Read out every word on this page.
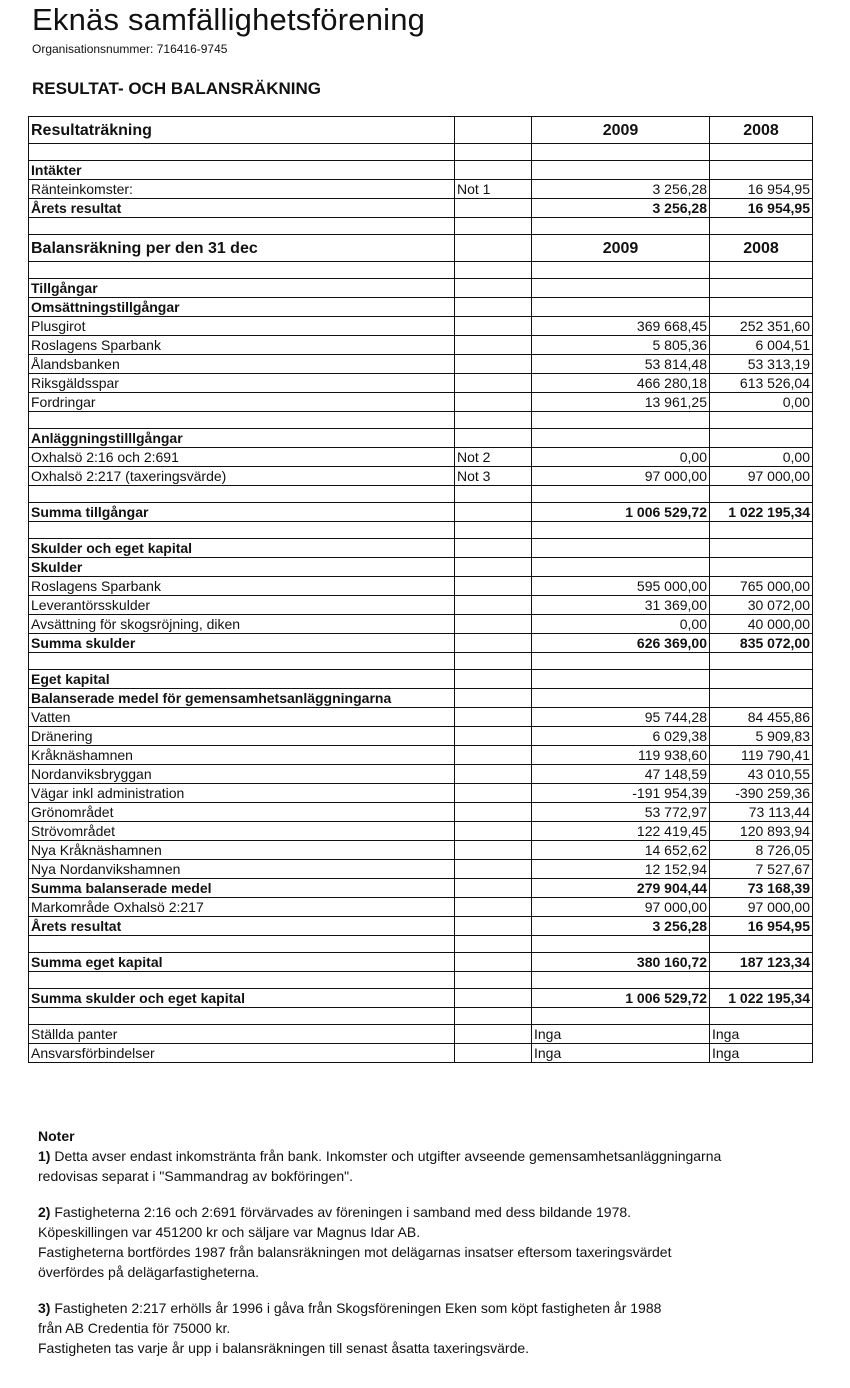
Eknäs samfällighetsförening
Organisationsnummer: 716416-9745
RESULTAT- OCH BALANSRÄKNING
Resultaträkning		2009	2008

Intäkter			
Ränteinkomster:	Not 1	3 256,28	16 954,95
Årets resultat		3 256,28	16 954,95

Balansräkning per den 31 dec		2009	2008

Tillgångar			
Omsättningstillgångar			
Plusgirot		369 668,45	252 351,60
Roslagens Sparbank		5 805,36	6 004,51
Ålandsbanken		53 814,48	53 313,19
Riksgäldsspar		466 280,18	613 526,04
Fordringar		13 961,25	0,00

Anläggningstilllgångar			
Oxhalsö 2:16 och 2:691	Not 2	0,00	0,00
Oxhalsö 2:217 (taxeringsvärde)	Not 3	97 000,00	97 000,00

Summa tillgångar		1 006 529,72	1 022 195,34

Skulder och eget kapital			
Skulder			
Roslagens Sparbank		595 000,00	765 000,00
Leverantörsskulder		31 369,00	30 072,00
Avsättning för skogsröjning, diken		0,00	40 000,00
Summa skulder		626 369,00	835 072,00

Eget kapital			
Balanserade medel för gemensamhetsanläggningarna			
Vatten		95 744,28	84 455,86
Dränering		6 029,38	5 909,83
Kråknäshamnen		119 938,60	119 790,41
Nordanviksbryggan		47 148,59	43 010,55
Vägar inkl administration		-191 954,39	-390 259,36
Grönområdet		53 772,97	73 113,44
Strövområdet		122 419,45	120 893,94
Nya Kråknäshamnen		14 652,62	8 726,05
Nya Nordanvikshamnen		12 152,94	7 527,67
Summa balanserade medel		279 904,44	73 168,39
Markområde Oxhalsö 2:217		97 000,00	97 000,00
Årets resultat		3 256,28	16 954,95

Summa eget kapital		380 160,72	187 123,34

Summa skulder och eget kapital		1 006 529,72	1 022 195,34

Ställda panter		Inga	Inga
Ansvarsförbindelser		Inga	Inga
Noter

1) Detta avser endast inkomstränta från bank. Inkomster och utgifter avseende gemensamhetsanläggningarna
redovisas separat i "Sammandrag av bokföringen".

2) Fastigheterna 2:16 och 2:691 förvärvades av föreningen i samband med dess bildande 1978.
Köpeskillingen var 451200 kr och säljare var Magnus Idar AB.
Fastigheterna bortfördes 1987 från balansräkningen mot delägarnas insatser eftersom taxeringsvärdet
överfördes på delägarfastigheterna.

3) Fastigheten 2:217 erhölls år 1996 i gåva från Skogsföreningen Eken som köpt fastigheten år 1988
från AB Credentia för 75000 kr.
Fastigheten tas varje år upp i balansräkningen till senast åsatta taxeringsvärde.
